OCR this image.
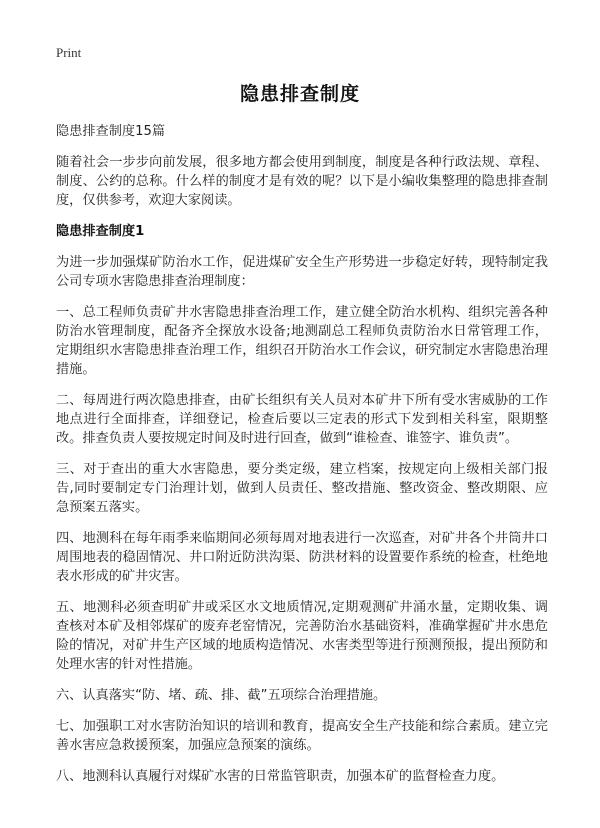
Print
隐患排查制度

隐患排查制度15篇

随着社会一步步向前发展，很多地方都会使用到制度，制度是各种行政法规、章程、制度、公约的总称。什么样的制度才是有效的呢？以下是小编收集整理的隐患排查制度，仅供参考，欢迎大家阅读。

隐患排查制度1

为进一步加强煤矿防治水工作，促进煤矿安全生产形势进一步稳定好转，现特制定我公司专项水害隐患排查治理制度：

一、总工程师负责矿井水害隐患排查治理工作，建立健全防治水机构、组织完善各种防治水管理制度，配备齐全探放水设备;地测副总工程师负责防治水日常管理工作，定期组织水害隐患排查治理工作，组织召开防治水工作会议，研究制定水害隐患治理措施。

二、每周进行两次隐患排查，由矿长组织有关人员对本矿井下所有受水害威胁的工作地点进行全面排查，详细登记，检查后要以三定表的形式下发到相关科室，限期整改。排查负责人要按规定时间及时进行回查，做到“谁检查、谁签字、谁负责”。

三、对于查出的重大水害隐患，要分类定级，建立档案，按规定向上级相关部门报告,同时要制定专门治理计划，做到人员责任、整改措施、整改资金、整改期限、应急预案五落实。

四、地测科在每年雨季来临期间必须每周对地表进行一次巡查，对矿井各个井筒井口周围地表的稳固情况、井口附近防洪沟渠、防洪材料的设置要作系统的检查，杜绝地表水形成的矿井灾害。

五、地测科必须查明矿井或采区水文地质情况,定期观测矿井涌水量，定期收集、调查核对本矿及相邻煤矿的废弃老窑情况，完善防治水基础资料，准确掌握矿井水患危险的情况，对矿井生产区域的地质构造情况、水害类型等进行预测预报，提出预防和处理水害的针对性措施。

六、认真落实“防、堵、疏、排、截”五项综合治理措施。

七、加强职工对水害防治知识的培训和教育，提高安全生产技能和综合素质。建立完善水害应急救援预案，加强应急预案的演练。

八、地测科认真履行对煤矿水害的日常监管职责，加强本矿的监督检查力度。
